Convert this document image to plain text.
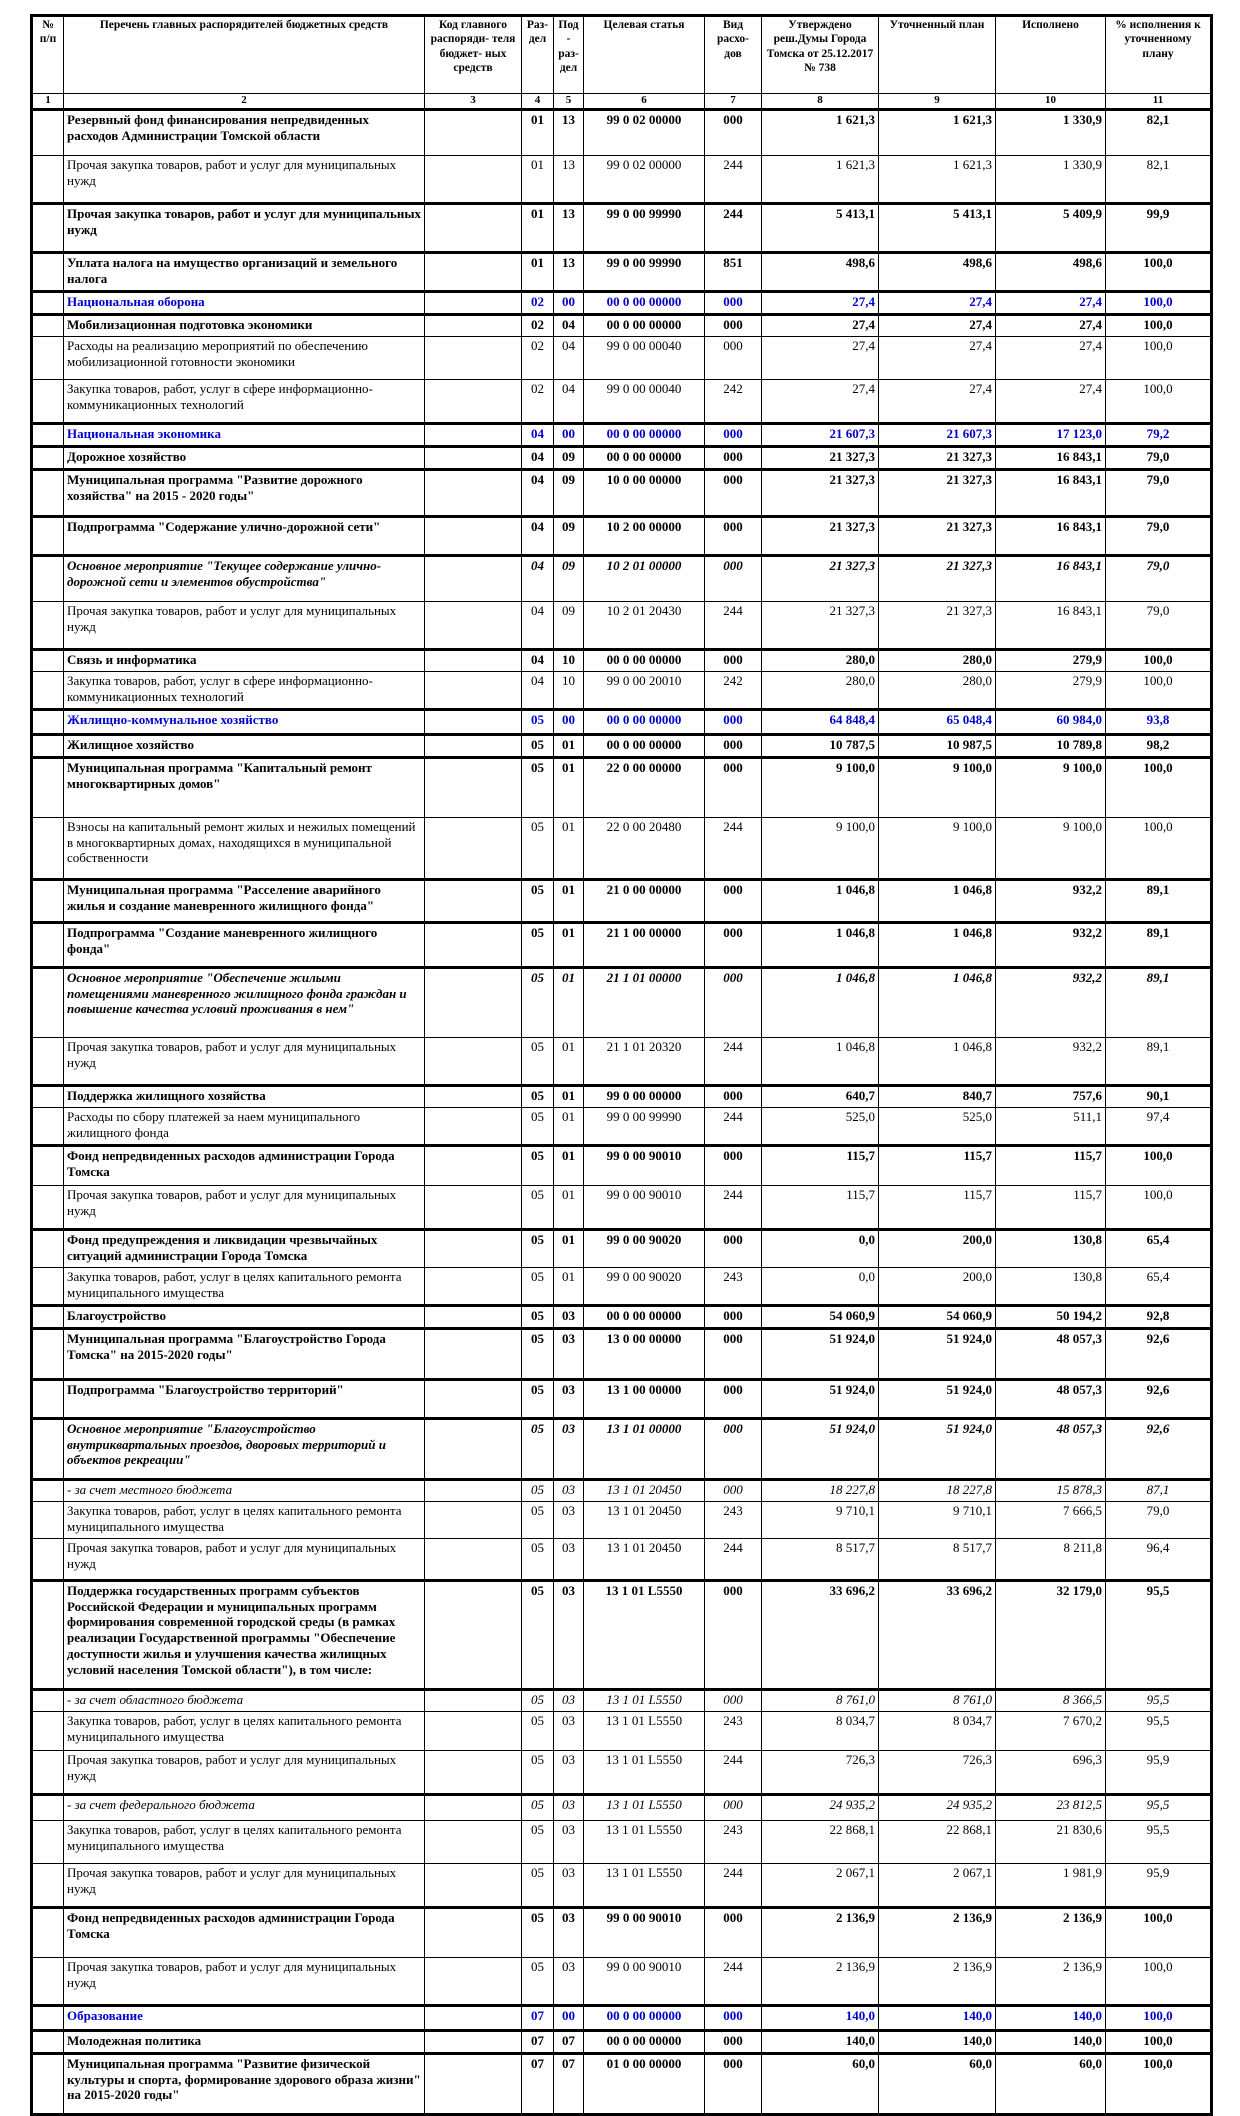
№ п/п	Перечень главных распорядителей бюджетных средств	Код главного распоряди- теля бюджет- ных средств	Раз- дел	Под- раз- дел	Целевая статья	Вид расхо- дов	Утверждено реш.Думы Города Томска от 25.12.2017 № 738	Уточненный план	Исполнено	% исполнения к уточненному плану
1	2	3	4	5	6	7	8	9	10	11
	Резервный фонд финансирования непредвиденных расходов Администрации Томской области		01	13	99 0 02 00000	000	1 621,3	1 621,3	1 330,9	82,1
	Прочая закупка товаров, работ и услуг для муниципальных нужд		01	13	99 0 02 00000	244	1 621,3	1 621,3	1 330,9	82,1
	Прочая закупка товаров, работ и услуг для муниципальных нужд		01	13	99 0 00 99990	244	5 413,1	5 413,1	5 409,9	99,9
	Уплата налога на имущество организаций и земельного налога		01	13	99 0 00 99990	851	498,6	498,6	498,6	100,0
	Национальная оборона		02	00	00 0 00 00000	000	27,4	27,4	27,4	100,0
	Мобилизационная подготовка экономики		02	04	00 0 00 00000	000	27,4	27,4	27,4	100,0
	Расходы на реализацию мероприятий по обеспечению мобилизационной готовности экономики		02	04	99 0 00 00040	000	27,4	27,4	27,4	100,0
	Закупка товаров, работ, услуг в сфере информационно-коммуникационных технологий		02	04	99 0 00 00040	242	27,4	27,4	27,4	100,0
	Национальная экономика		04	00	00 0 00 00000	000	21 607,3	21 607,3	17 123,0	79,2
	Дорожное хозяйство		04	09	00 0 00 00000	000	21 327,3	21 327,3	16 843,1	79,0
	Муниципальная программа "Развитие дорожного хозяйства" на 2015 - 2020 годы"		04	09	10 0 00 00000	000	21 327,3	21 327,3	16 843,1	79,0
	Подпрограмма "Содержание улично-дорожной сети"		04	09	10 2 00 00000	000	21 327,3	21 327,3	16 843,1	79,0
	Основное мероприятие "Текущее содержание улично-дорожной сети и элементов обустройства"		04	09	10 2 01 00000	000	21 327,3	21 327,3	16 843,1	79,0
	Прочая закупка товаров, работ и услуг для муниципальных нужд		04	09	10 2 01 20430	244	21 327,3	21 327,3	16 843,1	79,0
	Связь и информатика		04	10	00 0 00 00000	000	280,0	280,0	279,9	100,0
	Закупка товаров, работ, услуг в сфере информационно-коммуникационных технологий		04	10	99 0 00 20010	242	280,0	280,0	279,9	100,0
	Жилищно-коммунальное хозяйство		05	00	00 0 00 00000	000	64 848,4	65 048,4	60 984,0	93,8
	Жилищное хозяйство		05	01	00 0 00 00000	000	10 787,5	10 987,5	10 789,8	98,2
	Муниципальная программа "Капитальный ремонт многоквартирных домов"		05	01	22 0 00 00000	000	9 100,0	9 100,0	9 100,0	100,0
	Взносы на капитальный ремонт жилых и нежилых помещений в многоквартирных домах, находящихся в муниципальной собственности		05	01	22 0 00 20480	244	9 100,0	9 100,0	9 100,0	100,0
	Муниципальная программа "Расселение аварийного жилья и создание маневренного жилищного фонда"		05	01	21 0 00 00000	000	1 046,8	1 046,8	932,2	89,1
	Подпрограмма "Создание маневренного жилищного фонда"		05	01	21 1 00 00000	000	1 046,8	1 046,8	932,2	89,1
	Основное мероприятие "Обеспечение жилыми помещениями маневренного жилищного фонда граждан и повышение качества условий проживания в нем"		05	01	21 1 01 00000	000	1 046,8	1 046,8	932,2	89,1
	Прочая закупка товаров, работ и услуг для муниципальных нужд		05	01	21 1 01 20320	244	1 046,8	1 046,8	932,2	89,1
	Поддержка жилищного хозяйства		05	01	99 0 00 00000	000	640,7	840,7	757,6	90,1
	Расходы по сбору платежей за наем муниципального жилищного фонда		05	01	99 0 00 99990	244	525,0	525,0	511,1	97,4
	Фонд непредвиденных расходов администрации Города Томска		05	01	99 0 00 90010	000	115,7	115,7	115,7	100,0
	Прочая закупка товаров, работ и услуг для муниципальных нужд		05	01	99 0 00 90010	244	115,7	115,7	115,7	100,0
	Фонд предупреждения и ликвидации чрезвычайных ситуаций администрации Города Томска		05	01	99 0 00 90020	000	0,0	200,0	130,8	65,4
	Закупка товаров, работ, услуг в целях капитального ремонта муниципального имущества		05	01	99 0 00 90020	243	0,0	200,0	130,8	65,4
	Благоустройство		05	03	00 0 00 00000	000	54 060,9	54 060,9	50 194,2	92,8
	Муниципальная программа "Благоустройство Города Томска" на 2015-2020 годы"		05	03	13 0 00 00000	000	51 924,0	51 924,0	48 057,3	92,6
	Подпрограмма "Благоустройство территорий"		05	03	13 1 00 00000	000	51 924,0	51 924,0	48 057,3	92,6
	Основное мероприятие "Благоустройство внутриквартальных проездов, дворовых территорий и объектов рекреации"		05	03	13 1 01 00000	000	51 924,0	51 924,0	48 057,3	92,6
	- за счет местного бюджета		05	03	13 1 01 20450	000	18 227,8	18 227,8	15 878,3	87,1
	Закупка товаров, работ, услуг в целях капитального ремонта муниципального имущества		05	03	13 1 01 20450	243	9 710,1	9 710,1	7 666,5	79,0
	Прочая закупка товаров, работ и услуг для муниципальных нужд		05	03	13 1 01 20450	244	8 517,7	8 517,7	8 211,8	96,4
	Поддержка государственных программ субъектов Российской Федерации и муниципальных программ формирования современной городской среды (в рамках реализации Государственной программы "Обеспечение доступности жилья и улучшения качества жилищных условий населения Томской области"), в том числе:		05	03	13 1 01 L5550	000	33 696,2	33 696,2	32 179,0	95,5
	- за счет областного бюджета		05	03	13 1 01 L5550	000	8 761,0	8 761,0	8 366,5	95,5
	Закупка товаров, работ, услуг в целях капитального ремонта муниципального имущества		05	03	13 1 01 L5550	243	8 034,7	8 034,7	7 670,2	95,5
	Прочая закупка товаров, работ и услуг для муниципальных нужд		05	03	13 1 01 L5550	244	726,3	726,3	696,3	95,9
	- за счет федерального бюджета		05	03	13 1 01 L5550	000	24 935,2	24 935,2	23 812,5	95,5
	Закупка товаров, работ, услуг в целях капитального ремонта муниципального имущества		05	03	13 1 01 L5550	243	22 868,1	22 868,1	21 830,6	95,5
	Прочая закупка товаров, работ и услуг для муниципальных нужд		05	03	13 1 01 L5550	244	2 067,1	2 067,1	1 981,9	95,9
	Фонд непредвиденных расходов администрации Города Томска		05	03	99 0 00 90010	000	2 136,9	2 136,9	2 136,9	100,0
	Прочая закупка товаров, работ и услуг для муниципальных нужд		05	03	99 0 00 90010	244	2 136,9	2 136,9	2 136,9	100,0
	Образование		07	00	00 0 00 00000	000	140,0	140,0	140,0	100,0
	Молодежная политика		07	07	00 0 00 00000	000	140,0	140,0	140,0	100,0
	Муниципальная программа "Развитие физической культуры и спорта, формирование здорового образа жизни" на 2015-2020 годы"		07	07	01 0 00 00000	000	60,0	60,0	60,0	100,0
